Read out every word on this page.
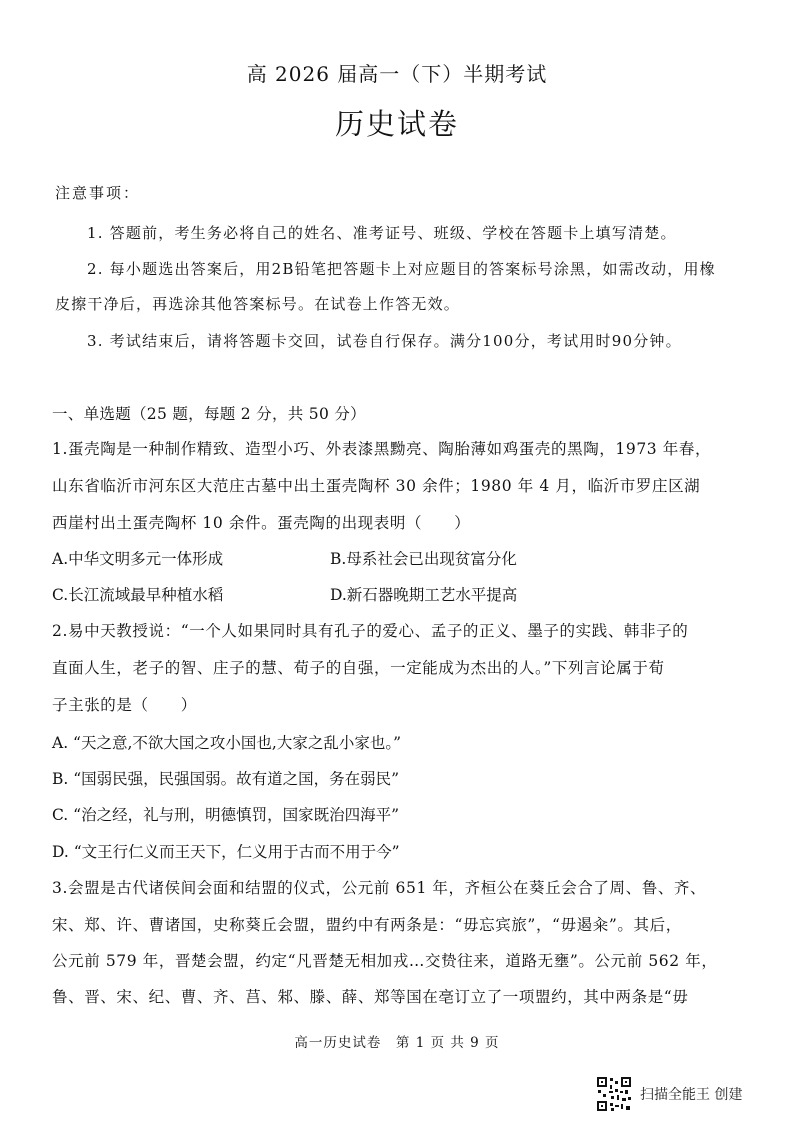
高 2026 届高一（下）半期考试
历史试卷
注意事项：
1. 答题前，考生务必将自己的姓名、准考证号、班级、学校在答题卡上填写清楚。
2. 每小题选出答案后，用2B铅笔把答题卡上对应题目的答案标号涂黑，如需改动，用橡
皮擦干净后，再选涂其他答案标号。在试卷上作答无效。
3. 考试结束后，请将答题卡交回，试卷自行保存。满分100分，考试用时90分钟。
一、单选题（25 题，每题 2 分，共 50 分）
1.蛋壳陶是一种制作精致、造型小巧、外表漆黑黝亮、陶胎薄如鸡蛋壳的黑陶，1973 年春，
山东省临沂市河东区大范庄古墓中出土蛋壳陶杯 30 余件；1980 年 4 月，临沂市罗庄区湖
西崖村出土蛋壳陶杯 10 余件。蛋壳陶的出现表明（　　）
A.中华文明多元一体形成	B.母系社会已出现贫富分化
C.长江流域最早种植水稻	D.新石器晚期工艺水平提高
2.易中天教授说：“一个人如果同时具有孔子的爱心、孟子的正义、墨子的实践、韩非子的
直面人生，老子的智、庄子的慧、荀子的自强，一定能成为杰出的人。”下列言论属于荀
子主张的是（　　）
A. “天之意,不欲大国之攻小国也,大家之乱小家也。”
B. “国弱民强，民强国弱。故有道之国，务在弱民”
C. “治之经，礼与刑，明德慎罚，国家既治四海平”
D. “文王行仁义而王天下，仁义用于古而不用于今”
3.会盟是古代诸侯间会面和结盟的仪式，公元前 651 年，齐桓公在葵丘会合了周、鲁、齐、
宋、郑、许、曹诸国，史称葵丘会盟，盟约中有两条是：“毋忘宾旅”，“毋遏籴”。其后，
公元前 579 年，晋楚会盟，约定“凡晋楚无相加戎…交贽往来，道路无壅”。公元前 562 年，
鲁、晋、宋、纪、曹、齐、莒、邾、滕、薛、郑等国在亳订立了一项盟约，其中两条是“毋
高一历史试卷　第 1 页 共 9 页
扫描全能王 创建
